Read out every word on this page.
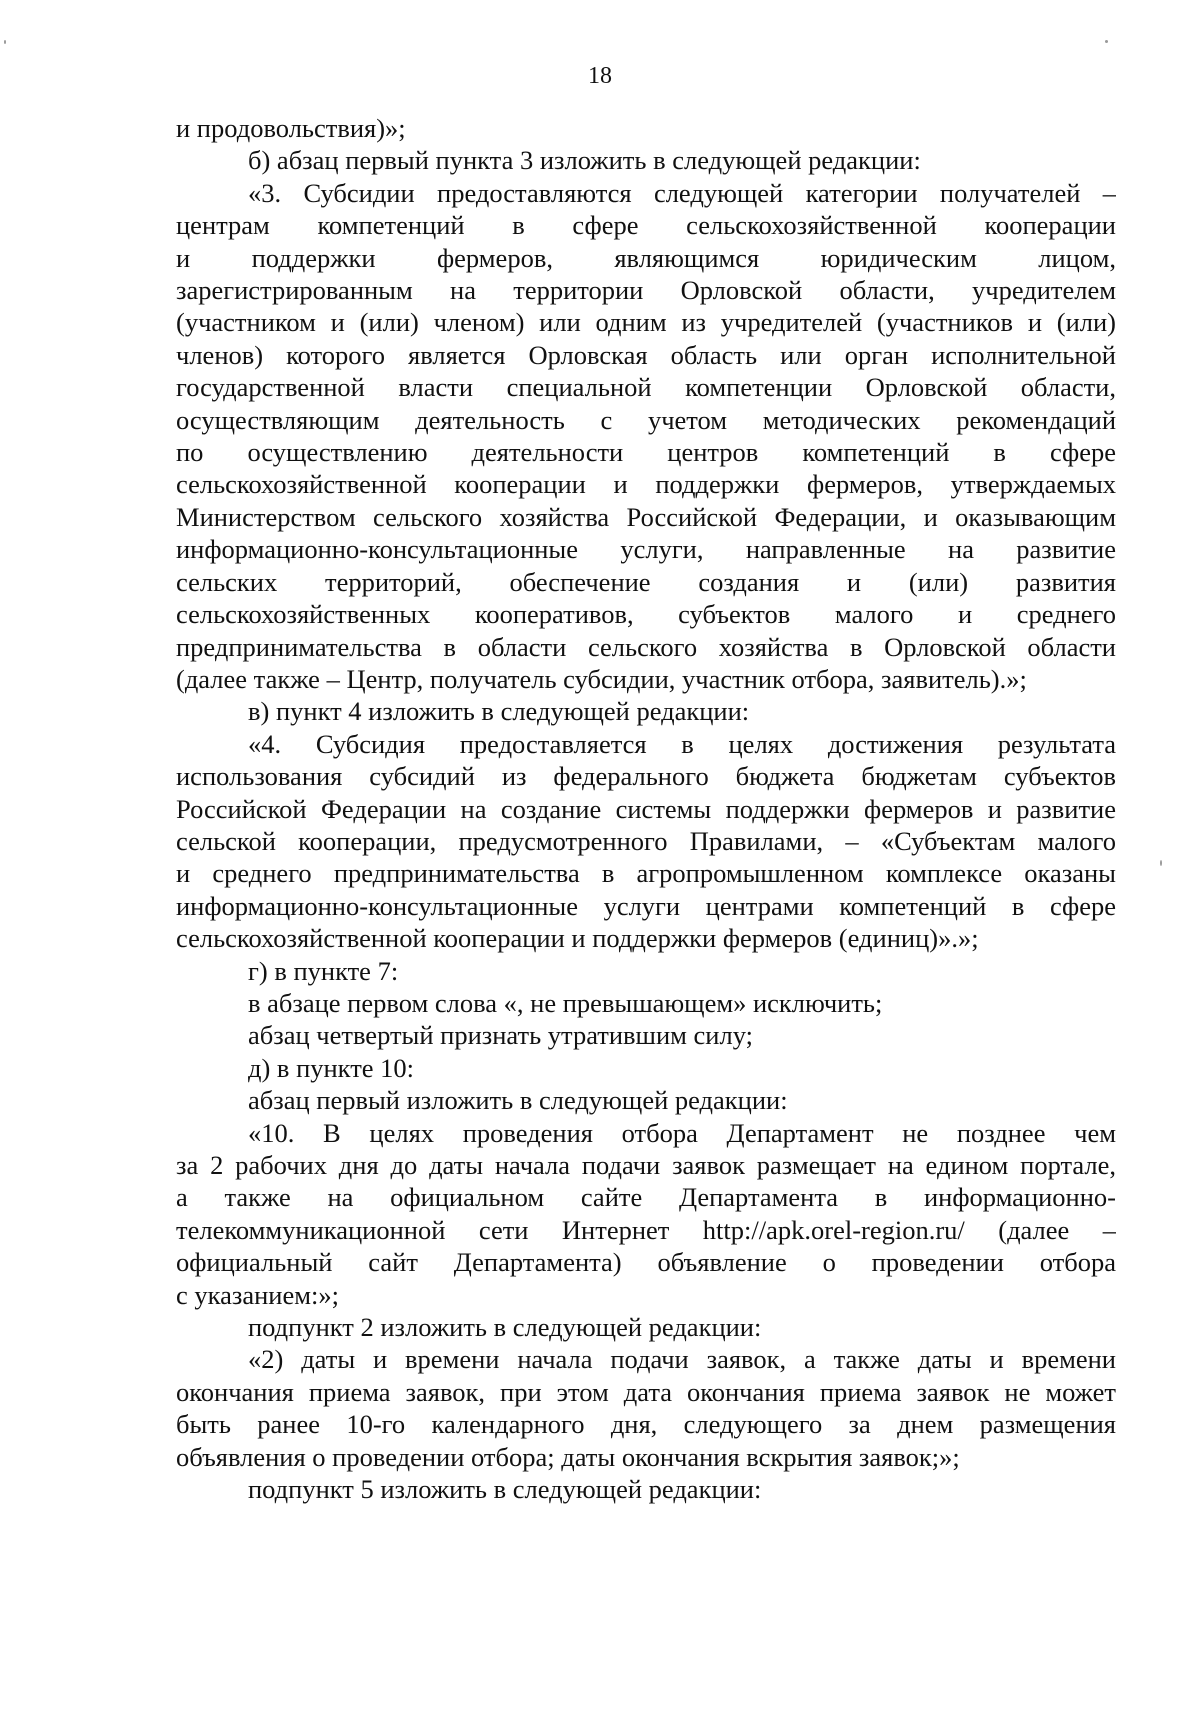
18
и продовольствия)»;
б) абзац первый пункта 3 изложить в следующей редакции:
«3. Субсидии предоставляются следующей категории получателей –
центрам компетенций в сфере сельскохозяйственной кооперации
и поддержки фермеров, являющимся юридическим лицом,
зарегистрированным на территории Орловской области, учредителем
(участником и (или) членом) или одним из учредителей (участников и (или)
членов) которого является Орловская область или орган исполнительной
государственной власти специальной компетенции Орловской области,
осуществляющим деятельность с учетом методических рекомендаций
по осуществлению деятельности центров компетенций в сфере
сельскохозяйственной кооперации и поддержки фермеров, утверждаемых
Министерством сельского хозяйства Российской Федерации, и оказывающим
информационно-консультационные услуги, направленные на развитие
сельских территорий, обеспечение создания и (или) развития
сельскохозяйственных кооперативов, субъектов малого и среднего
предпринимательства в области сельского хозяйства в Орловской области
(далее также – Центр, получатель субсидии, участник отбора, заявитель).»;
в) пункт 4 изложить в следующей редакции:
«4. Субсидия предоставляется в целях достижения результата
использования субсидий из федерального бюджета бюджетам субъектов
Российской Федерации на создание системы поддержки фермеров и развитие
сельской кооперации, предусмотренного Правилами, – «Субъектам малого
и среднего предпринимательства в агропромышленном комплексе оказаны
информационно-консультационные услуги центрами компетенций в сфере
сельскохозяйственной кооперации и поддержки фермеров (единиц)».»;
г) в пункте 7:
в абзаце первом слова «, не превышающем» исключить;
абзац четвертый признать утратившим силу;
д) в пункте 10:
абзац первый изложить в следующей редакции:
«10. В целях проведения отбора Департамент не позднее чем
за 2 рабочих дня до даты начала подачи заявок размещает на едином портале,
а также на официальном сайте Департамента в информационно-
телекоммуникационной сети Интернет http://apk.orel-region.ru/ (далее –
официальный сайт Департамента) объявление о проведении отбора
с указанием:»;
подпункт 2 изложить в следующей редакции:
«2) даты и времени начала подачи заявок, а также даты и времени
окончания приема заявок, при этом дата окончания приема заявок не может
быть ранее 10-го календарного дня, следующего за днем размещения
объявления о проведении отбора; даты окончания вскрытия заявок;»;
подпункт 5 изложить в следующей редакции:
